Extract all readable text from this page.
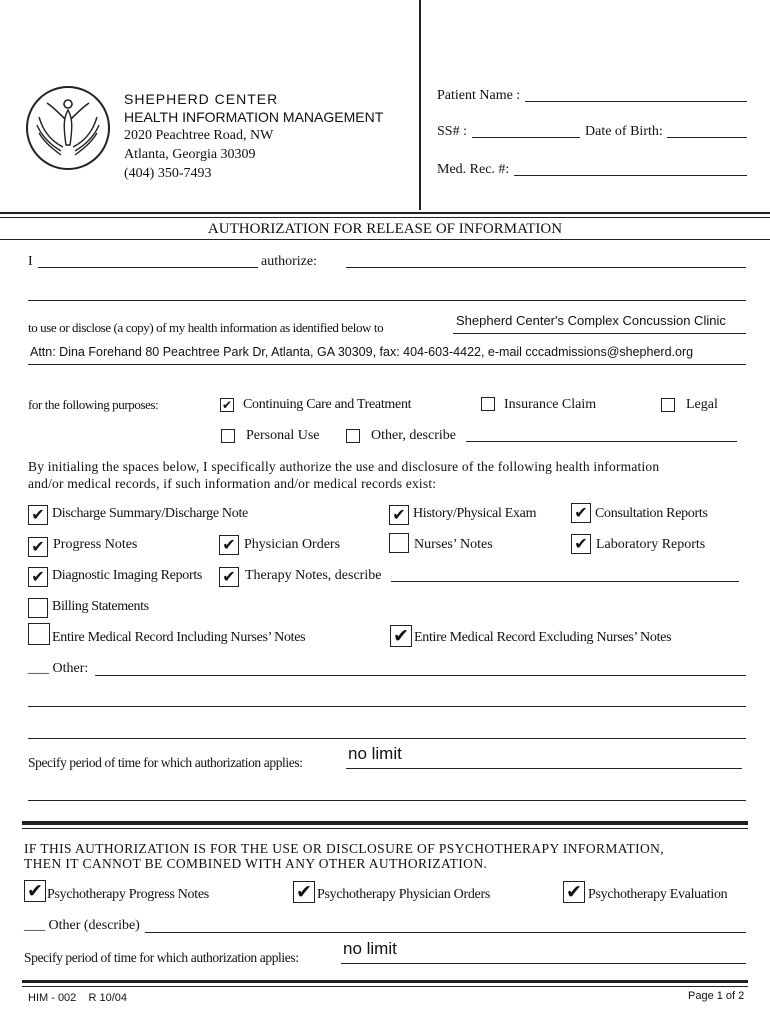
SHEPHERD CENTER
HEALTH INFORMATION MANAGEMENT
2020 Peachtree Road, NW
Atlanta, Georgia 30309
(404) 350-7493
Patient Name :
SS# :	Date of Birth:
Med. Rec. #:
AUTHORIZATION FOR RELEASE OF INFORMATION
I	authorize:
to use or disclose (a copy) of my health information as identified below to	Shepherd Center's Complex Concussion Clinic
Attn: Dina Forehand 80 Peachtree Park Dr, Atlanta, GA 30309, fax: 404-603-4422, e-mail cccadmissions@shepherd.org
for the following purposes:	✔ Continuing Care and Treatment	Insurance Claim	Legal
Personal Use	Other, describe
By initialing the spaces below, I specifically authorize the use and disclosure of the following health information
and/or medical records, if such information and/or medical records exist:
✔ Discharge Summary/Discharge Note	✔ History/Physical Exam ✔ Consultation Reports
✔ Progress Notes	✔ Physician Orders	Nurses’ Notes	✔ Laboratory Reports
✔ Diagnostic Imaging Reports ✔ Therapy Notes, describe
Billing Statements
Entire Medical Record Including Nurses’ Notes	✔ Entire Medical Record Excluding Nurses’ Notes
___ Other:
Specify period of time for which authorization applies:	no limit
IF THIS AUTHORIZATION IS FOR THE USE OR DISCLOSURE OF PSYCHOTHERAPY INFORMATION,
THEN IT CANNOT BE COMBINED WITH ANY OTHER AUTHORIZATION.
✔ Psychotherapy Progress Notes	✔ Psychotherapy Physician Orders	✔ Psychotherapy Evaluation
___ Other (describe)
Specify period of time for which authorization applies:	no limit
HIM - 002    R 10/04	Page 1 of 2
